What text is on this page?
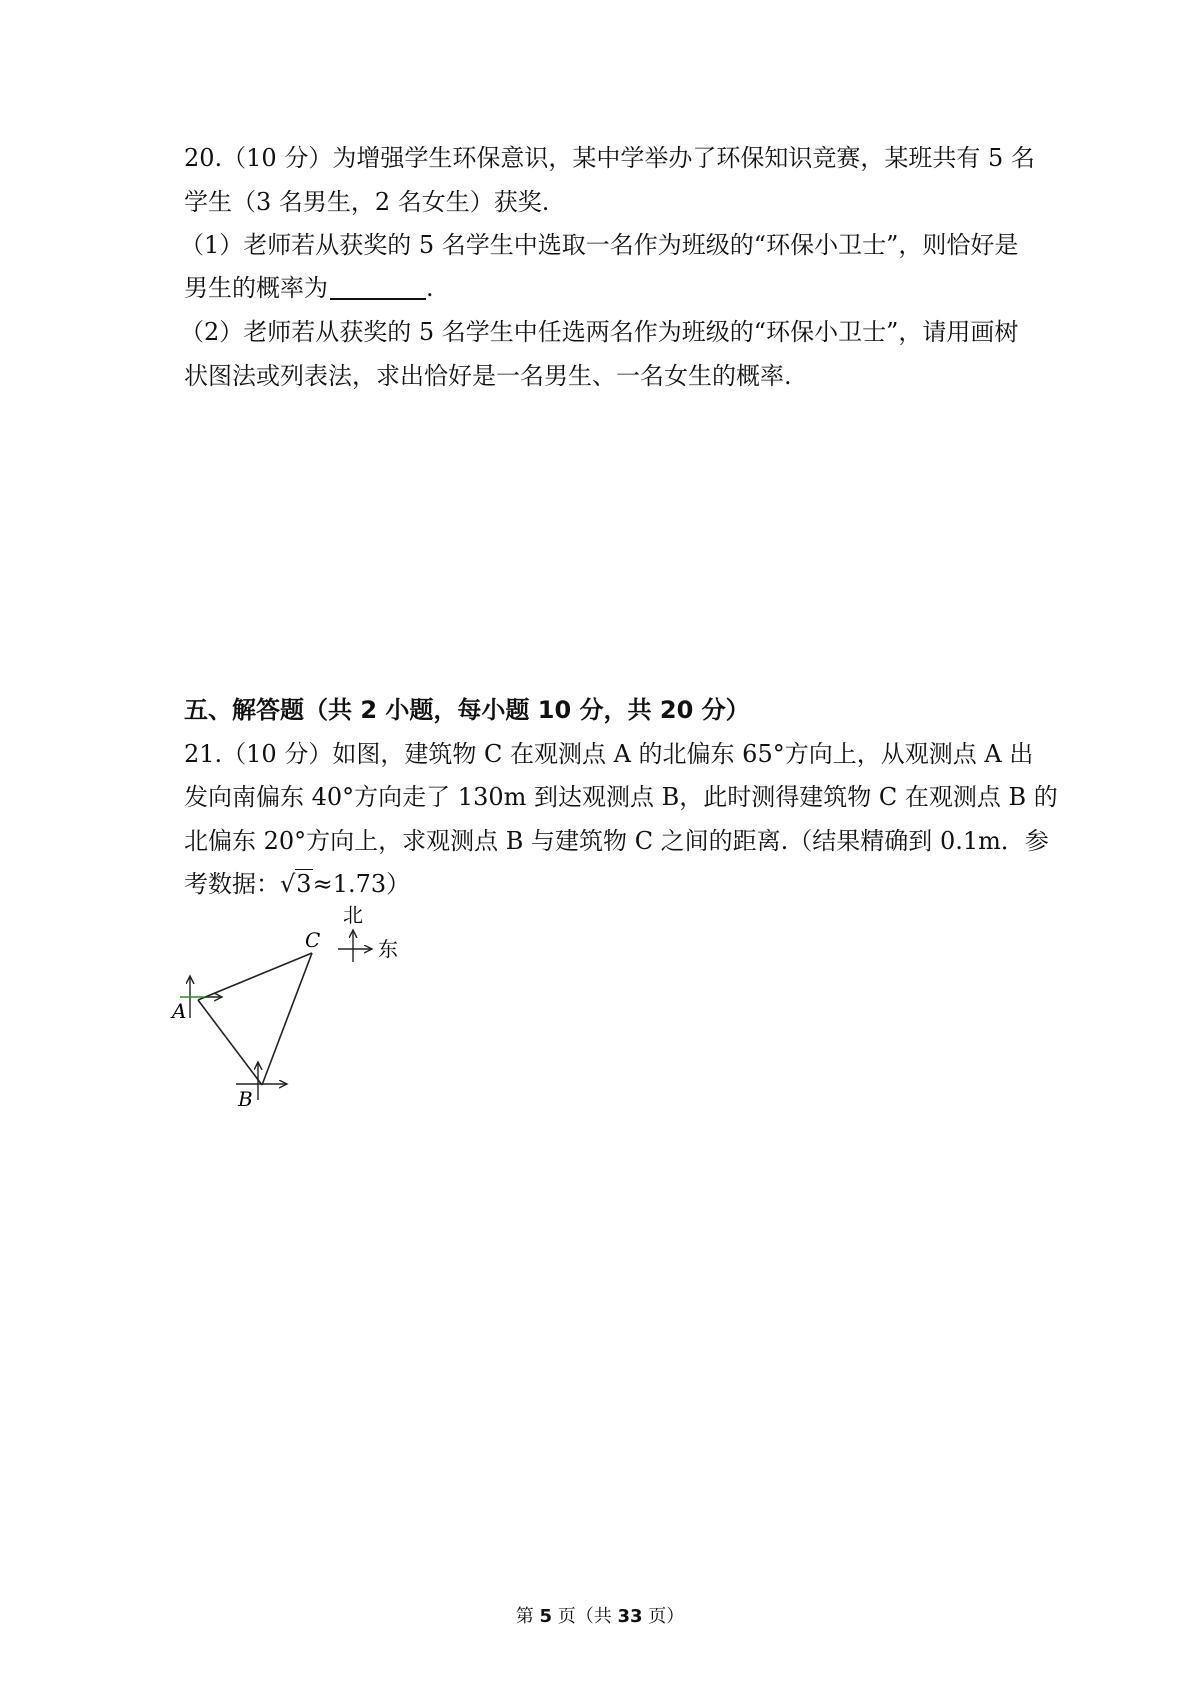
20.（10 分）为增强学生环保意识，某中学举办了环保知识竞赛，某班共有 5 名
学生（3 名男生，2 名女生）获奖.
（1）老师若从获奖的 5 名学生中选取一名作为班级的“环保小卫士”，则恰好是
男生的概率为	.
（2）老师若从获奖的 5 名学生中任选两名作为班级的“环保小卫士”，请用画树
状图法或列表法，求出恰好是一名男生、一名女生的概率.
五、解答题（共 2 小题，每小题 10 分，共 20 分）
21.（10 分）如图，建筑物 C 在观测点 A 的北偏东 65°方向上，从观测点 A 出
发向南偏东 40°方向走了 130m 到达观测点 B，此时测得建筑物 C 在观测点 B 的
北偏东 20°方向上，求观测点 B 与建筑物 C 之间的距离.（结果精确到 0.1m．参
考数据：√3≈1.73）
北
东
A
B
C
第 5 页（共 33 页）
